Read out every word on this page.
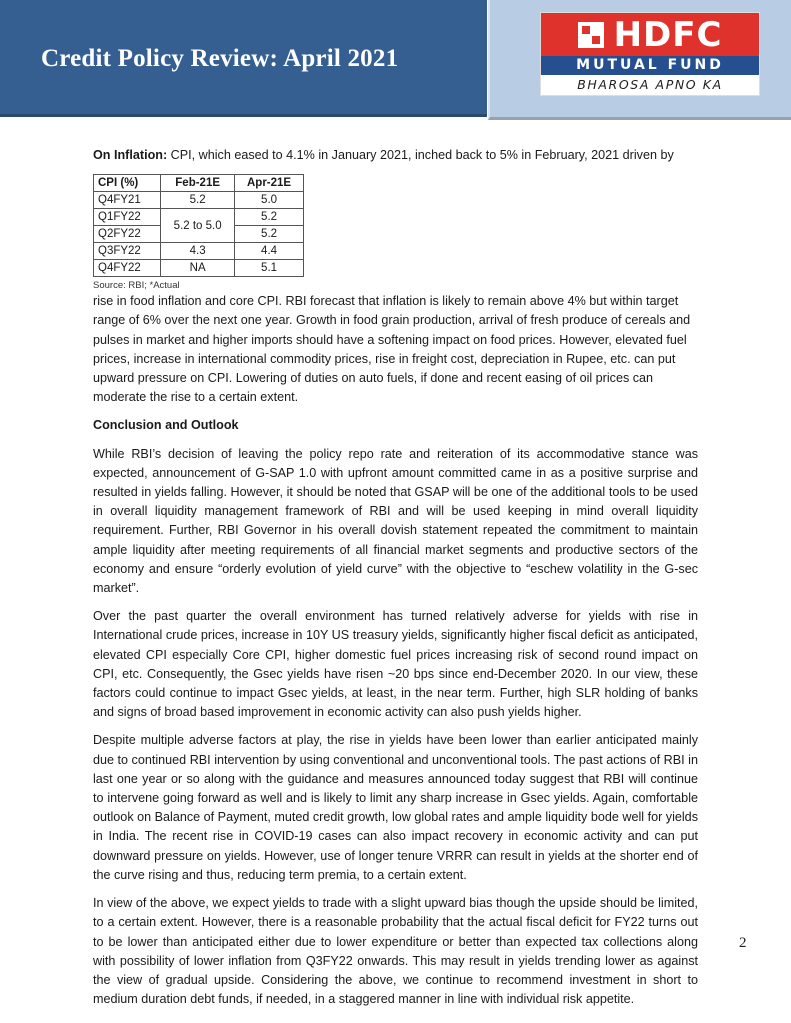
Credit Policy Review: April 2021
HDFC
MUTUAL FUND
BHAROSA APNO KA

On Inflation: CPI, which eased to 4.1% in January 2021, inched back to 5% in February, 2021 driven by

CPI (%)	Feb-21E	Apr-21E
Q4FY21	5.2	5.0
Q1FY22	5.2 to 5.0	5.2
Q2FY22		5.2
Q3FY22	4.3	4.4
Q4FY22	NA	5.1
Source: RBI; *Actual
rise in food inflation and core CPI. RBI forecast that inflation is likely to remain above 4% but within target range of 6% over the next one year. Growth in food grain production, arrival of fresh produce of cereals and pulses in market and higher imports should have a softening impact on food prices. However, elevated fuel prices, increase in international commodity prices, rise in freight cost, depreciation in Rupee, etc. can put upward pressure on CPI. Lowering of duties on auto fuels, if done and recent easing of oil prices can moderate the rise to a certain extent.

Conclusion and Outlook

While RBI’s decision of leaving the policy repo rate and reiteration of its accommodative stance was expected, announcement of G-SAP 1.0 with upfront amount committed came in as a positive surprise and resulted in yields falling. However, it should be noted that GSAP will be one of the additional tools to be used in overall liquidity management framework of RBI and will be used keeping in mind overall liquidity requirement. Further, RBI Governor in his overall dovish statement repeated the commitment to maintain ample liquidity after meeting requirements of all financial market segments and productive sectors of the economy and ensure “orderly evolution of yield curve” with the objective to “eschew volatility in the G-sec market”.

Over the past quarter the overall environment has turned relatively adverse for yields with rise in International crude prices, increase in 10Y US treasury yields, significantly higher fiscal deficit as anticipated, elevated CPI especially Core CPI, higher domestic fuel prices increasing risk of second round impact on CPI, etc. Consequently, the Gsec yields have risen ~20 bps since end-December 2020. In our view, these factors could continue to impact Gsec yields, at least, in the near term. Further, high SLR holding of banks and signs of broad based improvement in economic activity can also push yields higher.

Despite multiple adverse factors at play, the rise in yields have been lower than earlier anticipated mainly due to continued RBI intervention by using conventional and unconventional tools. The past actions of RBI in last one year or so along with the guidance and measures announced today suggest that RBI will continue to intervene going forward as well and is likely to limit any sharp increase in Gsec yields. Again, comfortable outlook on Balance of Payment, muted credit growth, low global rates and ample liquidity bode well for yields in India. The recent rise in COVID-19 cases can also impact recovery in economic activity and can put downward pressure on yields. However, use of longer tenure VRRR can result in yields at the shorter end of the curve rising and thus, reducing term premia, to a certain extent.

In view of the above, we expect yields to trade with a slight upward bias though the upside should be limited, to a certain extent. However, there is a reasonable probability that the actual fiscal deficit for FY22 turns out to be lower than anticipated either due to lower expenditure or better than expected tax collections along with possibility of lower inflation from Q3FY22 onwards. This may result in yields trending lower as against the view of gradual upside. Considering the above, we continue to recommend investment in short to medium duration debt funds, if needed, in a staggered manner in line with individual risk appetite.

2
